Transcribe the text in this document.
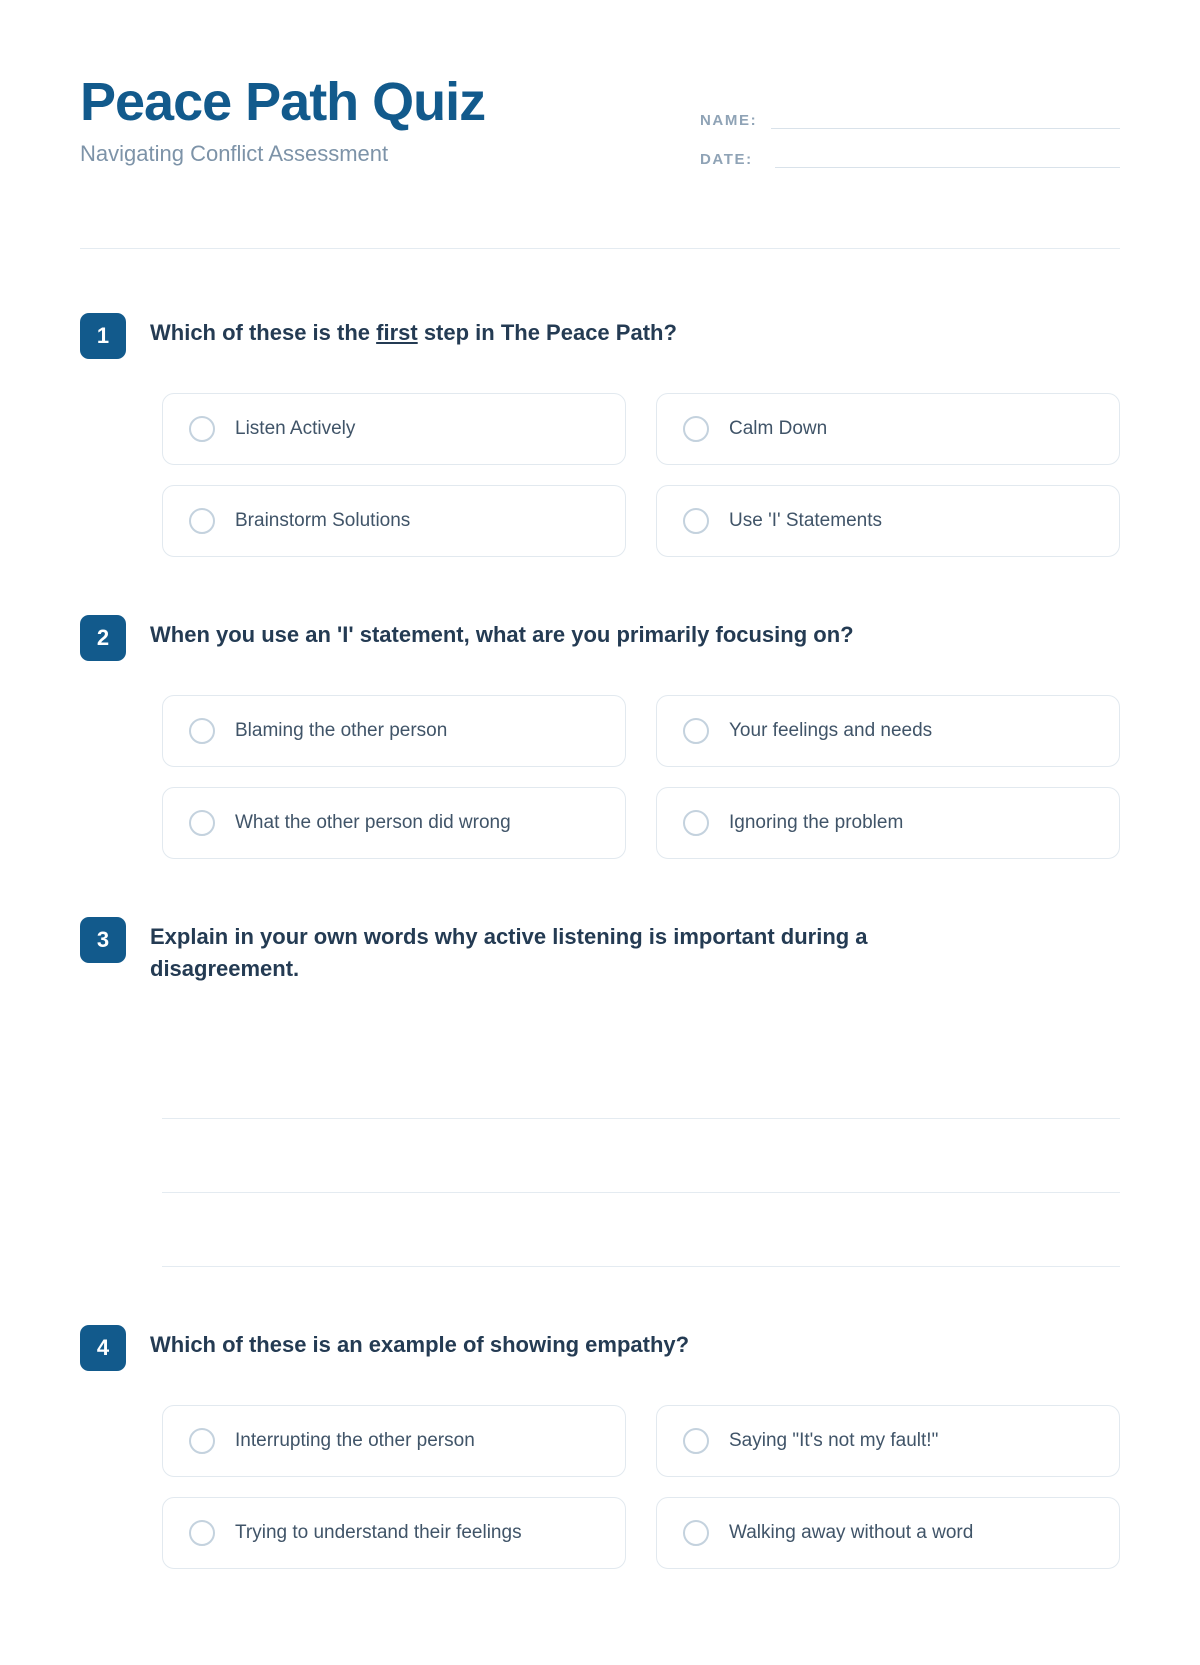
Peace Path Quiz

Navigating Conflict Assessment

NAME:
DATE:
1	Which of these is the first step in The Peace Path?
Listen Actively	Calm Down
Brainstorm Solutions	Use 'I' Statements
2	When you use an 'I' statement, what are you primarily focusing on?
Blaming the other person	Your feelings and needs
What the other person did wrong	Ignoring the problem
3	Explain in your own words why active listening is important during a disagreement.
4	Which of these is an example of showing empathy?
Interrupting the other person	Saying "It's not my fault!"
Trying to understand their feelings	Walking away without a word
